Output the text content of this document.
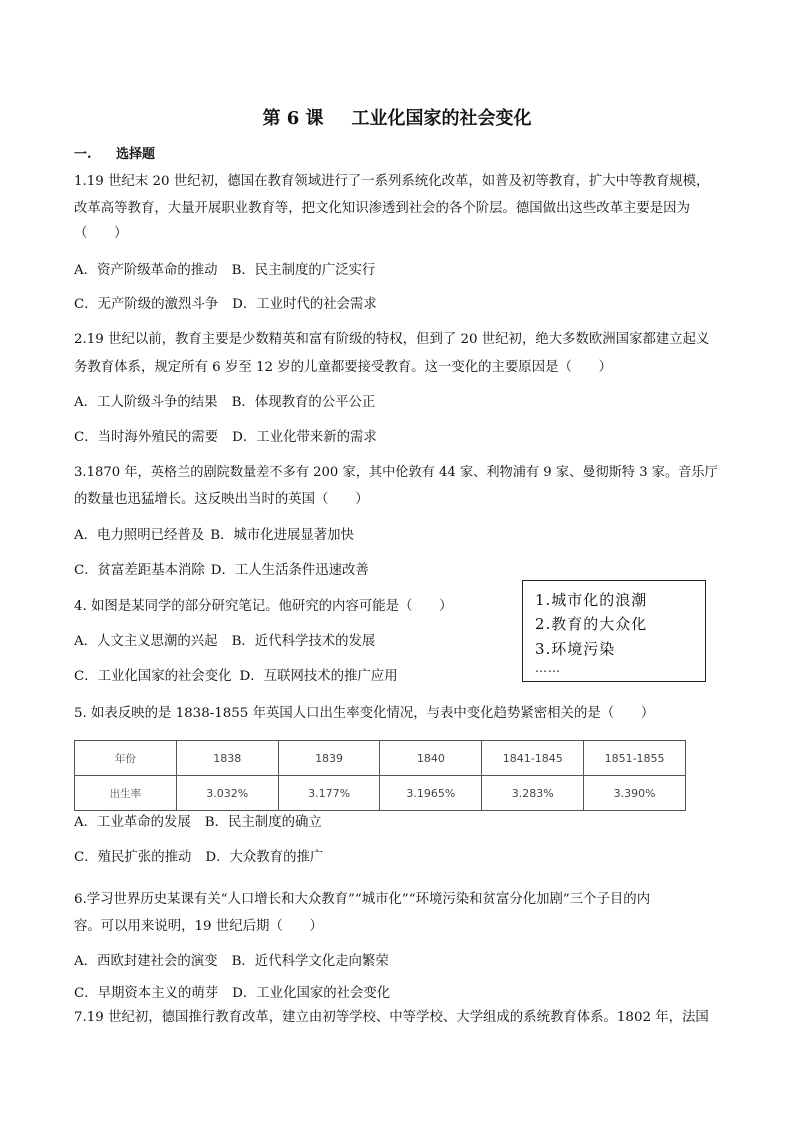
第 6 课 工业化国家的社会变化
一. 选择题
1.19 世纪末 20 世纪初，德国在教育领域进行了一系列系统化改革，如普及初等教育，扩大中等教育规模，
改革高等教育，大量开展职业教育等，把文化知识渗透到社会的各个阶层。德国做出这些改革主要是因为
（　　）
A．资产阶级革命的推动 B．民主制度的广泛实行
C．无产阶级的激烈斗争 D．工业时代的社会需求
2.19 世纪以前，教育主要是少数精英和富有阶级的特权，但到了 20 世纪初，绝大多数欧洲国家都建立起义
务教育体系，规定所有 6 岁至 12 岁的儿童都要接受教育。这一变化的主要原因是（　　）
A．工人阶级斗争的结果 B．体现教育的公平公正
C．当时海外殖民的需要 D．工业化带来新的需求
3.1870 年，英格兰的剧院数量差不多有 200 家，其中伦敦有 44 家、利物浦有 9 家、曼彻斯特 3 家。音乐厅
的数量也迅猛增长。这反映出当时的英国（　　）
A．电力照明已经普及 B．城市化进展显著加快
C．贫富差距基本消除 D．工人生活条件迅速改善
4. 如图是某同学的部分研究笔记。他研究的内容可能是（　　）
A．人文主义思潮的兴起 B．近代科学技术的发展
C．工业化国家的社会变化 D．互联网技术的推广应用
1.城市化的浪潮
2.教育的大众化
3.环境污染
……
5. 如表反映的是 1838-1855 年英国人口出生率变化情况，与表中变化趋势紧密相关的是（　　）
年份	1838	1839	1840	1841-1845	1851-1855
出生率	3.032%	3.177%	3.1965%	3.283%	3.390%
A．工业革命的发展 B．民主制度的确立
C．殖民扩张的推动 D．大众教育的推广
6.学习世界历史某课有关“人口增长和大众教育”“城市化”“环境污染和贫富分化加剧”三个子目的内
容。可以用来说明，19 世纪后期（　　）
A．西欧封建社会的演变 B．近代科学文化走向繁荣
C．早期资本主义的萌芽 D．工业化国家的社会变化
7.19 世纪初，德国推行教育改革，建立由初等学校、中等学校、大学组成的系统教育体系。1802 年，法国
